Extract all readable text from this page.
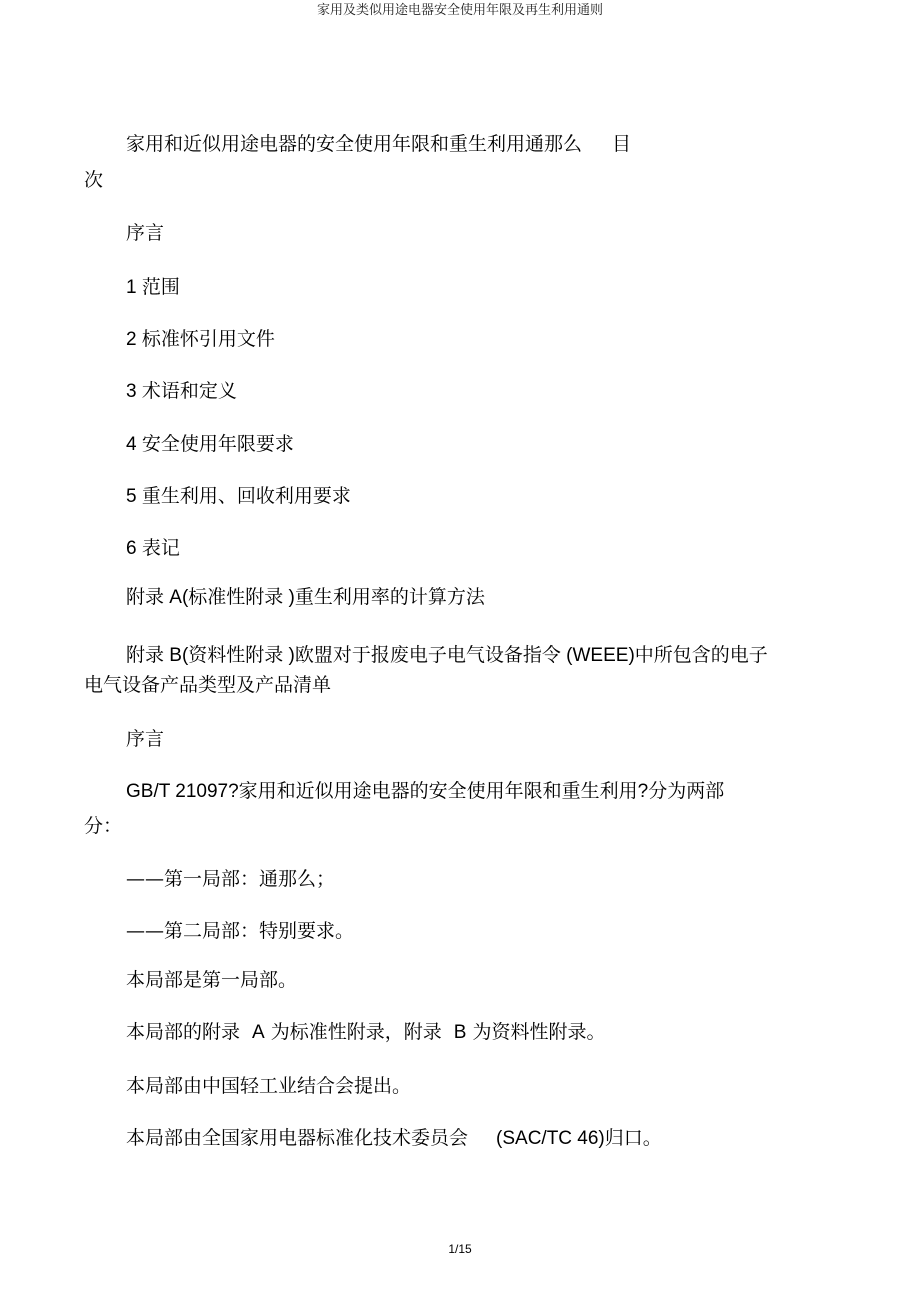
家用及类似用途电器安全使用年限及再生利用通则
家用和近似用途电器的安全使用年限和重生利用通那么 目
次
序言
1 范围
2 标准怀引用文件
3 术语和定义
4 安全使用年限要求
5 重生利用、回收利用要求
6 表记
附录 A(标准性附录 )重生利用率的计算方法
附录 B(资料性附录 )欧盟对于报废电子电气设备指令 (WEEE)中所包含的电子
电气设备产品类型及产品清单
序言
GB/T 21097?家用和近似用途电器的安全使用年限和重生利用?分为两部
分：
——第一局部：通那么；
——第二局部：特别要求。
本局部是第一局部。
本局部的附录 A 为标准性附录，附录 B 为资料性附录。
本局部由中国轻工业结合会提出。
本局部由全国家用电器标准化技术委员会 (SAC/TC 46)归口。
1/15
